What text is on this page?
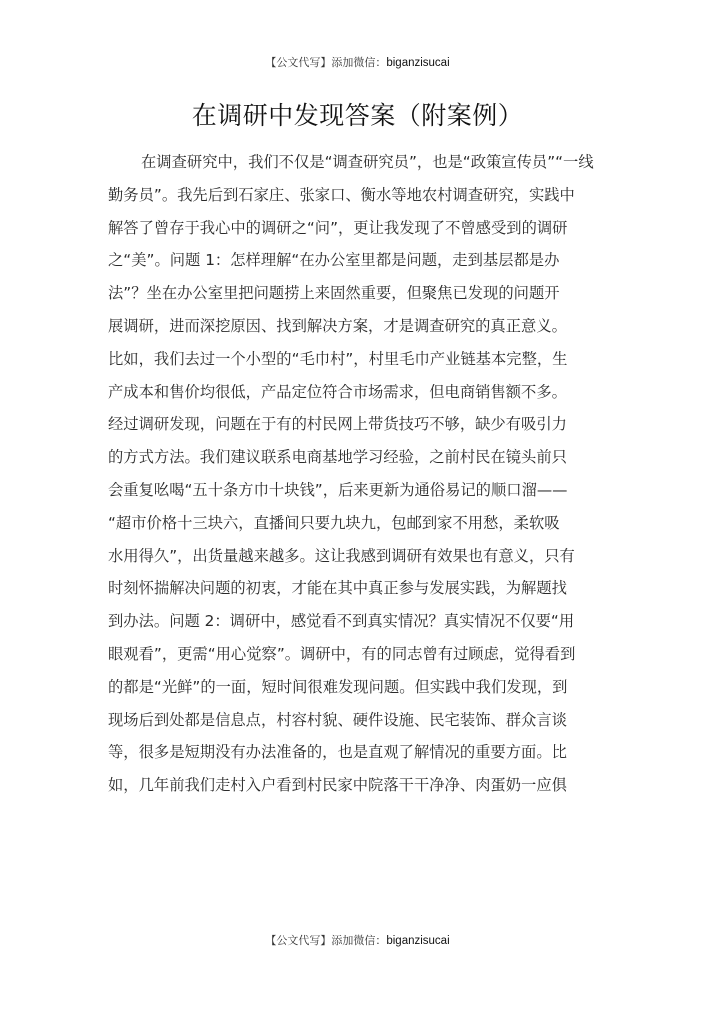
【公文代写】添加微信：biganzisucai
在调研中发现答案（附案例）
在调查研究中，我们不仅是“调查研究员”，也是“政策宣传员”“一线
勤务员”。我先后到石家庄、张家口、衡水等地农村调查研究，实践中
解答了曾存于我心中的调研之“问”，更让我发现了不曾感受到的调研
之“美”。问题 1：怎样理解“在办公室里都是问题，走到基层都是办
法”？坐在办公室里把问题捞上来固然重要，但聚焦已发现的问题开
展调研，进而深挖原因、找到解决方案，才是调查研究的真正意义。
比如，我们去过一个小型的“毛巾村”，村里毛巾产业链基本完整，生
产成本和售价均很低，产品定位符合市场需求，但电商销售额不多。
经过调研发现，问题在于有的村民网上带货技巧不够，缺少有吸引力
的方式方法。我们建议联系电商基地学习经验，之前村民在镜头前只
会重复吆喝“五十条方巾十块钱”，后来更新为通俗易记的顺口溜——
“超市价格十三块六，直播间只要九块九，包邮到家不用愁，柔软吸
水用得久”，出货量越来越多。这让我感到调研有效果也有意义，只有
时刻怀揣解决问题的初衷，才能在其中真正参与发展实践，为解题找
到办法。问题 2：调研中，感觉看不到真实情况？真实情况不仅要“用
眼观看”，更需“用心觉察”。调研中，有的同志曾有过顾虑，觉得看到
的都是“光鲜”的一面，短时间很难发现问题。但实践中我们发现，到
现场后到处都是信息点，村容村貌、硬件设施、民宅装饰、群众言谈
等，很多是短期没有办法准备的，也是直观了解情况的重要方面。比
如，几年前我们走村入户看到村民家中院落干干净净、肉蛋奶一应俱
【公文代写】添加微信：biganzisucai
